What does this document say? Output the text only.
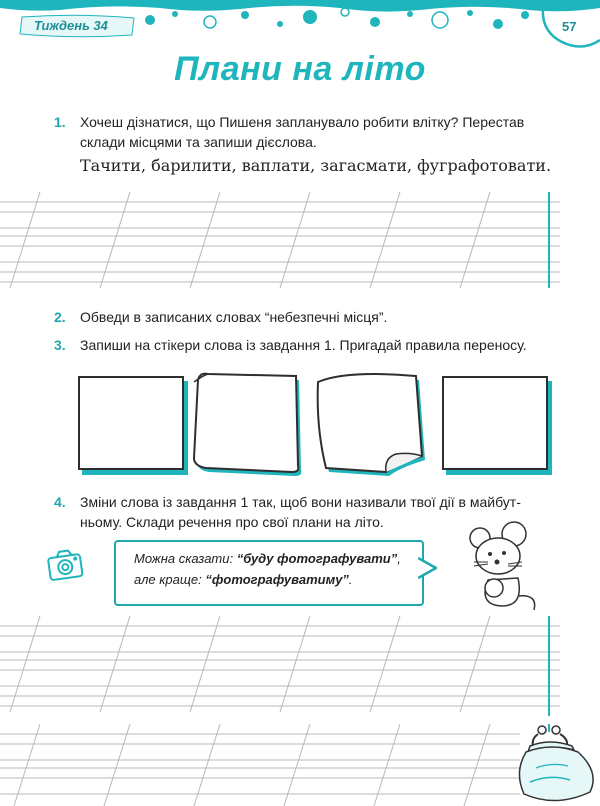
Тиждень 34	57
Плани на літо
1. Хочеш дізнатися, що Пишеня запланувало робити влітку? Перестав
склади місцями та запиши дієслова.
Тачити, барилити, ваплати, загасмати, фуграфотовати.
2. Обведи в записаних словах “небезпечні місця”.
3. Запиши на стікери слова із завдання 1. Пригадай правила переносу.
4. Зміни слова із завдання 1 так, щоб вони називали твої дії в майбут-
ньому. Склади речення про свої плани на літо.
Можна сказати: “буду фотографувати”,
але краще: “фотографуватиму”.
